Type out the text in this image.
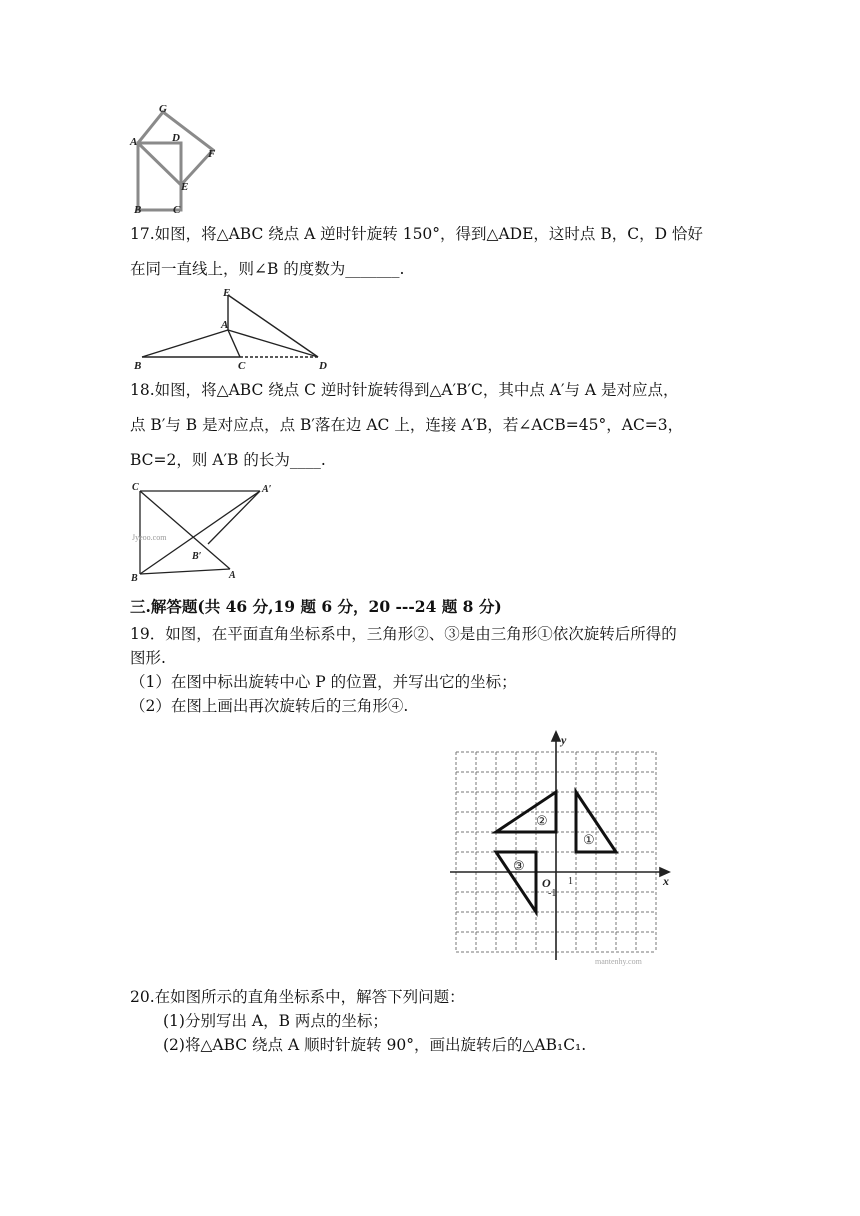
G
A	D
F
E
B	C
17.如图，将△ABC 绕点 A 逆时针旋转 150°，得到△ADE，这时点 B，C，D 恰好
在同一直线上，则∠B 的度数为_______.
E
A
B	C	D
18.如图，将△ABC 绕点 C 逆时针旋转得到△A′B′C，其中点 A′与 A 是对应点，
点 B′与 B 是对应点，点 B′落在边 AC 上，连接 A′B，若∠ACB=45°，AC=3，
BC=2，则 A′B 的长为____.
C	A′
B′
B	A
Jyeoo.com
三.解答题(共 46 分,19 题 6 分，20 ---24 题 8 分)
19．如图，在平面直角坐标系中，三角形②、③是由三角形①依次旋转后所得的
图形.
（1）在图中标出旋转中心 P 的位置，并写出它的坐标；
（2）在图上画出再次旋转后的三角形④.
y
x
O 1
-1
①
②
③
mantenhy.com
20.在如图所示的直角坐标系中，解答下列问题：
(1)分别写出 A，B 两点的坐标；
(2)将△ABC 绕点 A 顺时针旋转 90°，画出旋转后的△AB₁C₁.
